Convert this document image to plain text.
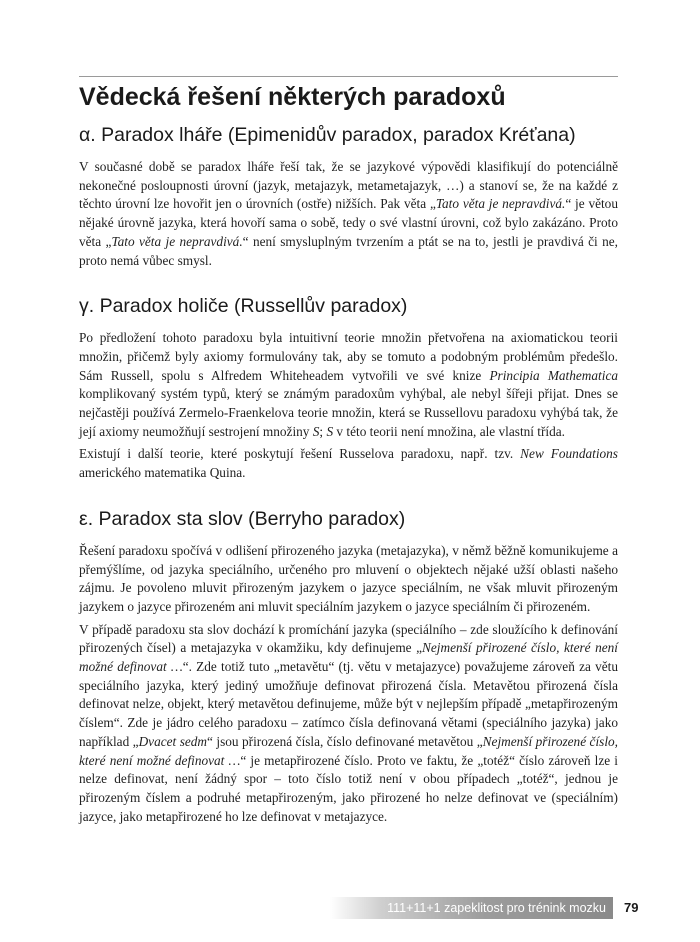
Vědecká řešení některých paradoxů
α. Paradox lháře (Epimenidův paradox, paradox Kréťana)

V současné době se paradox lháře řeší tak, že se jazykové výpovědi klasifikují do potenciálně nekonečné posloupnosti úrovní (jazyk, metajazyk, metametajazyk, …) a stanoví se, že na každé z těchto úrovní lze hovořit jen o úrovních (ostře) nižších. Pak věta „Tato věta je nepravdivá.“ je větou nějaké úrovně jazyka, která hovoří sama o sobě, tedy o své vlastní úrovni, což bylo zakázáno. Proto věta „Tato věta je nepravdivá.“ není smysluplným tvrzením a ptát se na to, jestli je pravdivá či ne, proto nemá vůbec smysl.

γ. Paradox holiče (Russellův paradox)

Po předložení tohoto paradoxu byla intuitivní teorie množin přetvořena na axiomatickou teorii množin, přičemž byly axiomy formulovány tak, aby se tomuto a podobným problémům předešlo. Sám Russell, spolu s Alfredem Whiteheadem vytvořili ve své knize Principia Mathematica komplikovaný systém typů, který se známým paradoxům vyhýbal, ale nebyl šířeji přijat. Dnes se nejčastěji používá Zermelo-Fraenkelova teorie množin, která se Russellovu paradoxu vyhýbá tak, že její axiomy neumožňují sestrojení množiny S; S v této teorii není množina, ale vlastní třída.

Existují i další teorie, které poskytují řešení Russelova paradoxu, např. tzv. New Foundations amerického matematika Quina.

ε. Paradox sta slov (Berryho paradox)

Řešení paradoxu spočívá v odlišení přirozeného jazyka (metajazyka), v němž běžně komunikujeme a přemýšlíme, od jazyka speciálního, určeného pro mluvení o objektech nějaké užší oblasti našeho zájmu. Je povoleno mluvit přirozeným jazykem o jazyce speciálním, ne však mluvit přirozeným jazykem o jazyce přirozeném ani mluvit speciálním jazykem o jazyce speciálním či přirozeném.

V případě paradoxu sta slov dochází k promíchání jazyka (speciálního – zde sloužícího k definování přirozených čísel) a metajazyka v okamžiku, kdy definujeme „Nejmenší přirozené číslo, které není možné definovat …“. Zde totiž tuto „metavětu“ (tj. větu v metajazyce) považujeme zároveň za větu speciálního jazyka, který jediný umožňuje definovat přirozená čísla. Metavětou přirozená čísla definovat nelze, objekt, který metavětou definujeme, může být v nejlepším případě „metapřirozeným číslem“. Zde je jádro celého paradoxu – zatímco čísla definovaná větami (speciálního jazyka) jako například „Dvacet sedm“ jsou přirozená čísla, číslo definované metavětou „Nejmenší přirozené číslo, které není možné definovat …“ je metapřirozené číslo. Proto ve faktu, že „totéž“ číslo zároveň lze i nelze definovat, není žádný spor – toto číslo totiž není v obou případech „totéž“, jednou je přirozeným číslem a podruhé metapřirozeným, jako přirozené ho nelze definovat ve (speciálním) jazyce, jako metapřirozené ho lze definovat v metajazyce.

111+11+1 zapeklitost pro trénink mozku 79
